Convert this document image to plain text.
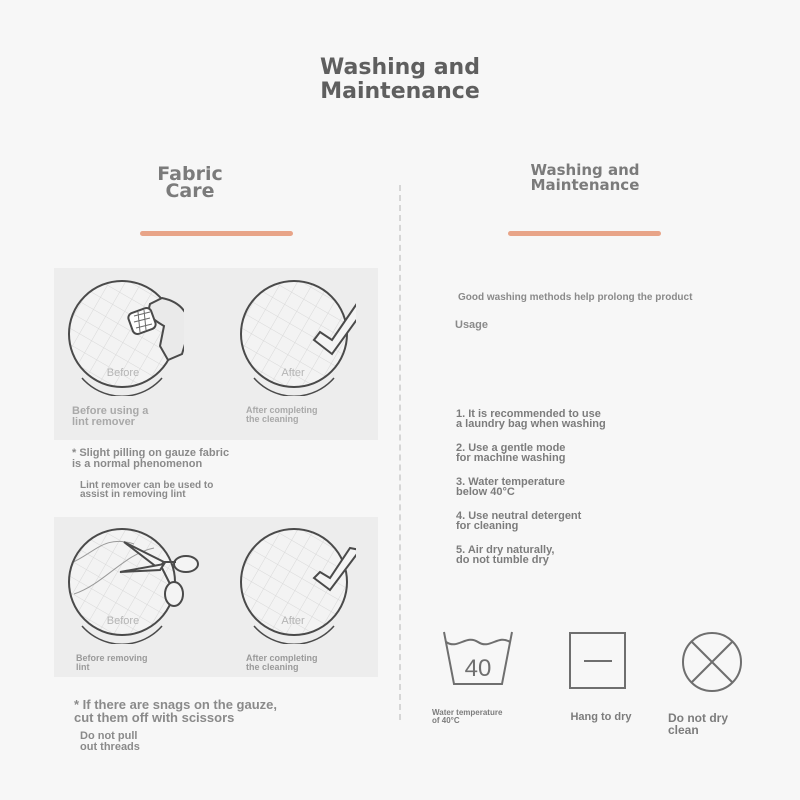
Washing and
Maintenance
Fabric
Care
Washing and
Maintenance
Before	After
Before using a
lint remover
After completing
the cleaning
* Slight pilling on gauze fabric
is a normal phenomenon
Lint remover can be used to
assist in removing lint
Before	After
Before removing
lint
After completing
the cleaning
* If there are snags on the gauze,
cut them off with scissors
Do not pull
out threads
Good washing methods help prolong the product
Usage
1. It is recommended to use
a laundry bag when washing
2. Use a gentle mode
for machine washing
3. Water temperature
below 40°C
4. Use neutral detergent
for cleaning
5. Air dry naturally,
do not tumble dry
40
Water temperature
of 40°C	Hang to dry	Do not dry
clean
